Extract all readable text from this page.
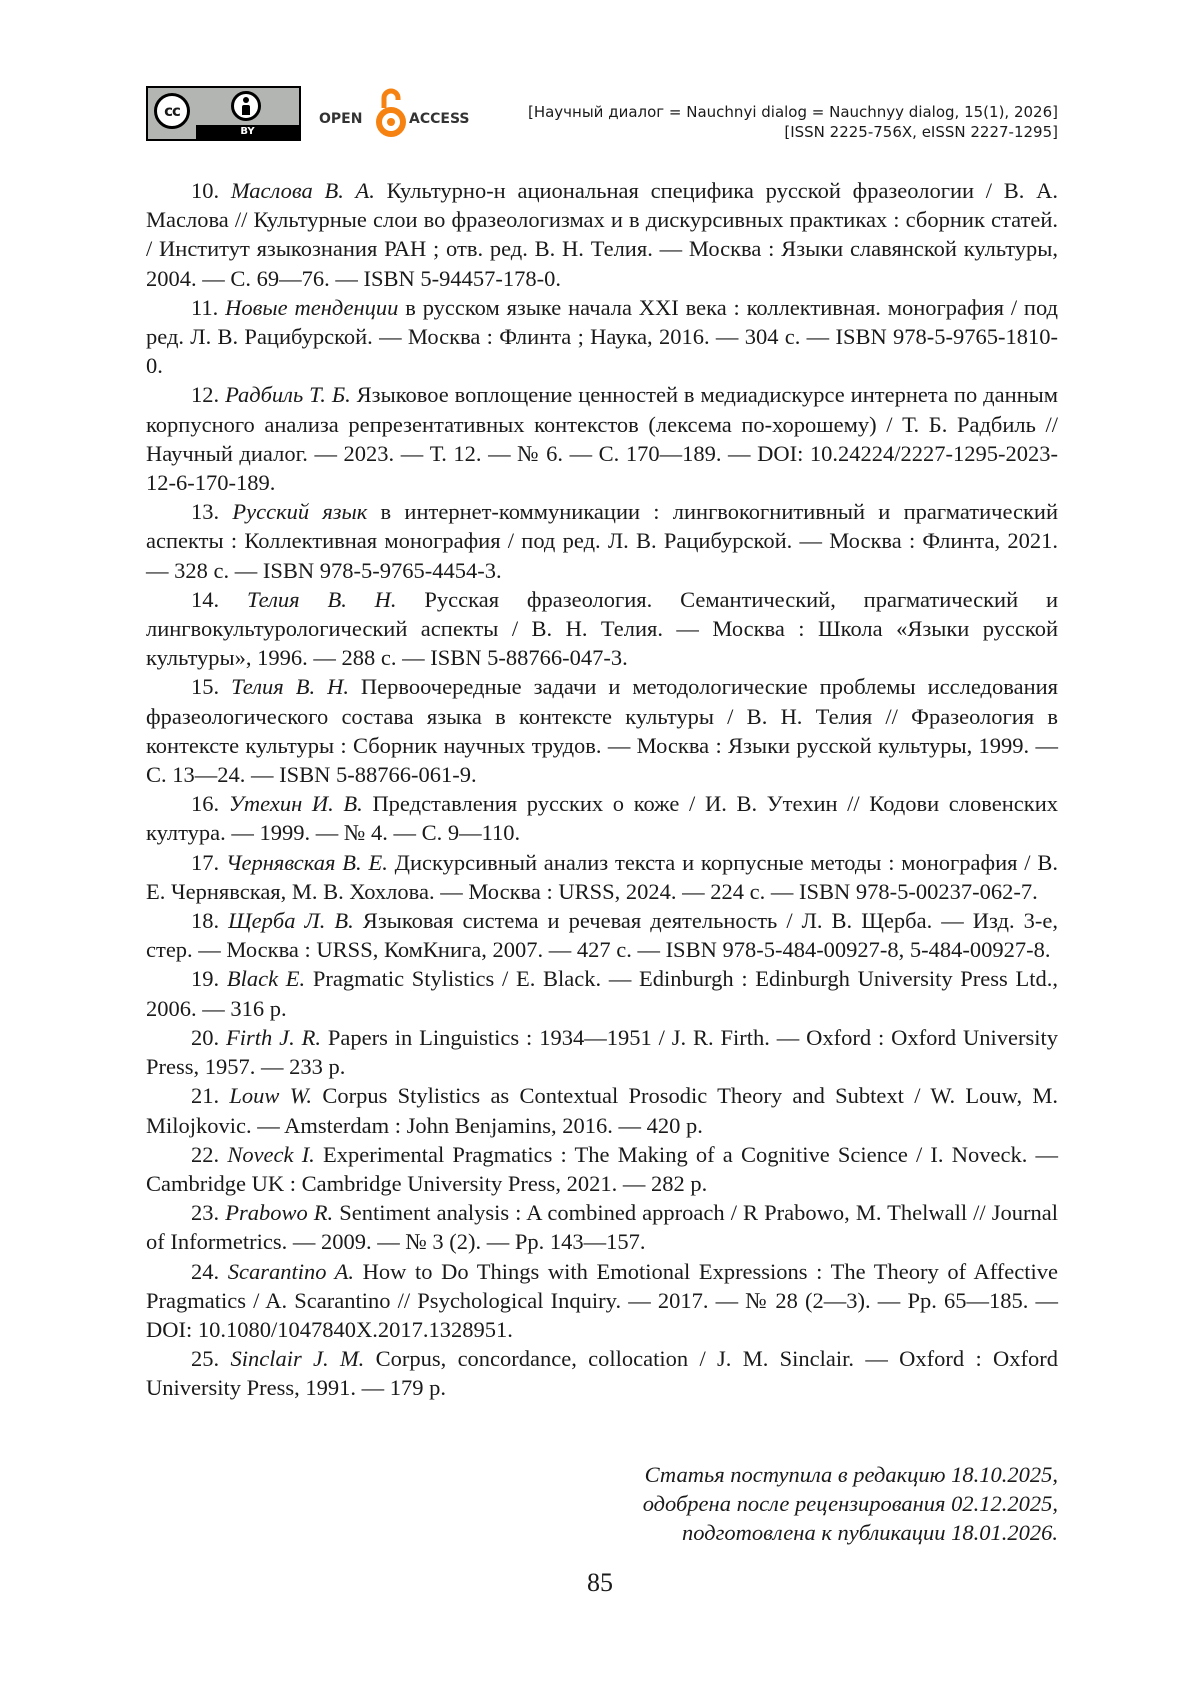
cc
BY
OPEN	ACCESS	[Научный диалог = Nauchnyi dialog = Nauchnyy dialog, 15(1), 2026]
[ISSN 2225-756X, eISSN 2227-1295]

10. Маслова В. А. Культурно-н ациональная специфика русской фразеологии / В. А. Маслова // Культурные слои во фразеологизмах и в дискурсивных практиках : сборник статей. / Институт языкознания РАН ; отв. ред. В. Н. Телия. — Москва : Языки славянской культуры, 2004. — С. 69—76. — ISBN 5-94457-178-0.

11. Новые тенденции в русском языке начала XXI века : коллективная. монография / под ред. Л. В. Рацибурской. — Москва : Флинта ; Наука, 2016. — 304 с. — ISBN 978-5-9765-1810-0.

12. Радбиль Т. Б. Языковое воплощение ценностей в медиадискурсе интернета по данным корпусного анализа репрезентативных контекстов (лексема по-хорошему) / Т. Б. Радбиль // Научный диалог. — 2023. — Т. 12. — № 6. — С. 170—189. — DOI: 10.24224/2227-1295-2023-12-6-170-189.

13. Русский язык в интернет-коммуникации : лингвокогнитивный и прагматический аспекты : Коллективная монография / под ред. Л. В. Рацибурской. — Москва : Флинта, 2021. — 328 с. — ISBN 978-5-9765-4454-3.

14. Телия В. Н. Русская фразеология. Семантический, прагматический и лингвокультурологический аспекты / В. Н. Телия. — Москва : Школа «Языки русской культуры», 1996. — 288 с. — ISBN 5-88766-047-3.

15. Телия В. Н. Первоочередные задачи и методологические проблемы исследования фразеологического состава языка в контексте культуры / В. Н. Телия // Фразеология в контексте культуры : Сборник научных трудов. — Москва : Языки русской культуры, 1999. — С. 13—24. — ISBN 5-88766-061-9.

16. Утехин И. В. Представления русских о коже / И. В. Утехин // Кодови словенских култура. — 1999. — № 4. — С. 9—110.

17. Чернявская В. Е. Дискурсивный анализ текста и корпусные методы : монография / В. Е. Чернявская, М. В. Хохлова. — Москва : URSS, 2024. — 224 с. — ISBN 978-5-00237-062-7.

18. Щерба Л. В. Языковая система и речевая деятельность / Л. В. Щерба. — Изд. 3-е, стер. — Москва : URSS, КомКнига, 2007. — 427 с. — ISBN 978-5-484-00927-8, 5-484-00927-8.

19. Black E. Pragmatic Stylistics / E. Black. — Edinburgh : Edinburgh University Press Ltd., 2006. — 316 p.

20. Firth J. R. Papers in Linguistics : 1934—1951 / J. R. Firth. — Oxford : Oxford University Press, 1957. — 233 p.

21. Louw W. Corpus Stylistics as Contextual Prosodic Theory and Subtext / W. Louw, M. Milojkovic. — Amsterdam : John Benjamins, 2016. — 420 p.

22. Noveck I. Experimental Pragmatics : The Making of a Cognitive Science / I. Noveck. — Cambridge UK : Cambridge University Press, 2021. — 282 p.

23. Prabowo R. Sentiment analysis : A combined approach / R Prabowo, M. Thelwall // Journal of Informetrics. — 2009. — № 3 (2). — Pp. 143—157.

24. Scarantino A. How to Do Things with Emotional Expressions : The Theory of Affective Pragmatics / A. Scarantino // Psychological Inquiry. — 2017. — № 28 (2—3). — Pp. 65—185. — DOI: 10.1080/1047840X.2017.1328951.

25. Sinclair J. M. Corpus, concordance, collocation / J. M. Sinclair. — Oxford : Oxford University Press, 1991. — 179 p.

Статья поступила в редакцию 18.10.2025,
одобрена после рецензирования 02.12.2025,
подготовлена к публикации 18.01.2026.
85
